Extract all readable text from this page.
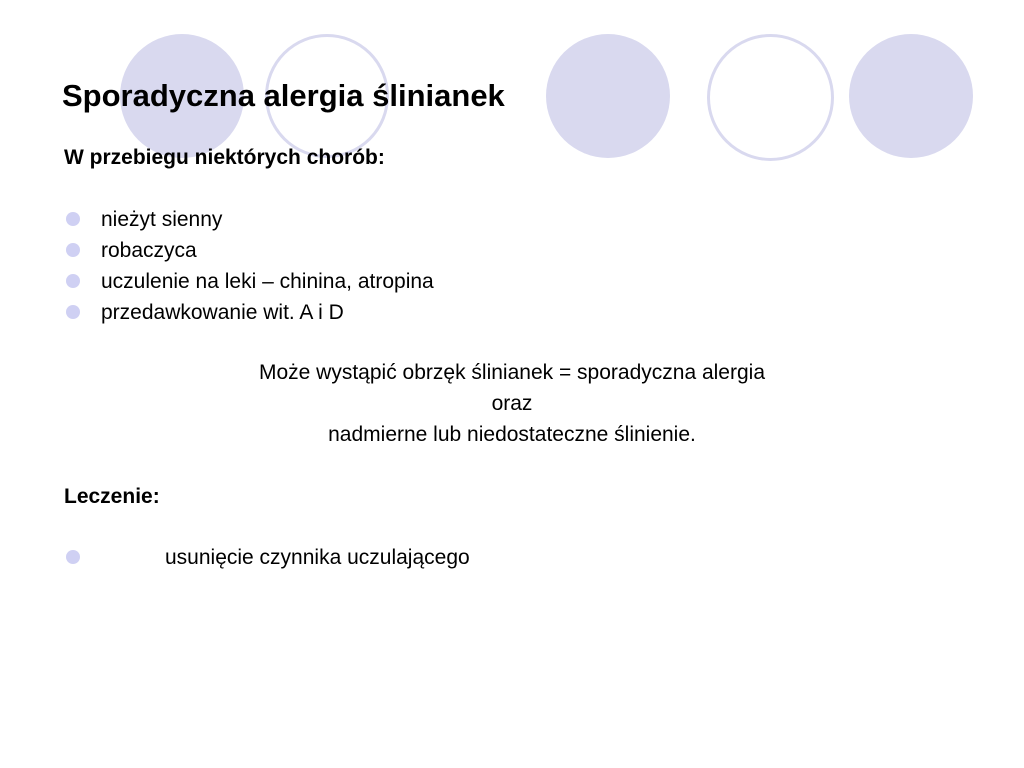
Sporadyczna alergia ślinianek

W przebiegu niektórych chorób:

nieżyt sienny
robaczyca
uczulenie na leki – chinina, atropina
przedawkowanie wit. A i D
Może wystąpić obrzęk ślinianek = sporadyczna alergia
oraz
nadmierne lub niedostateczne ślinienie.

Leczenie:

usunięcie czynnika uczulającego
